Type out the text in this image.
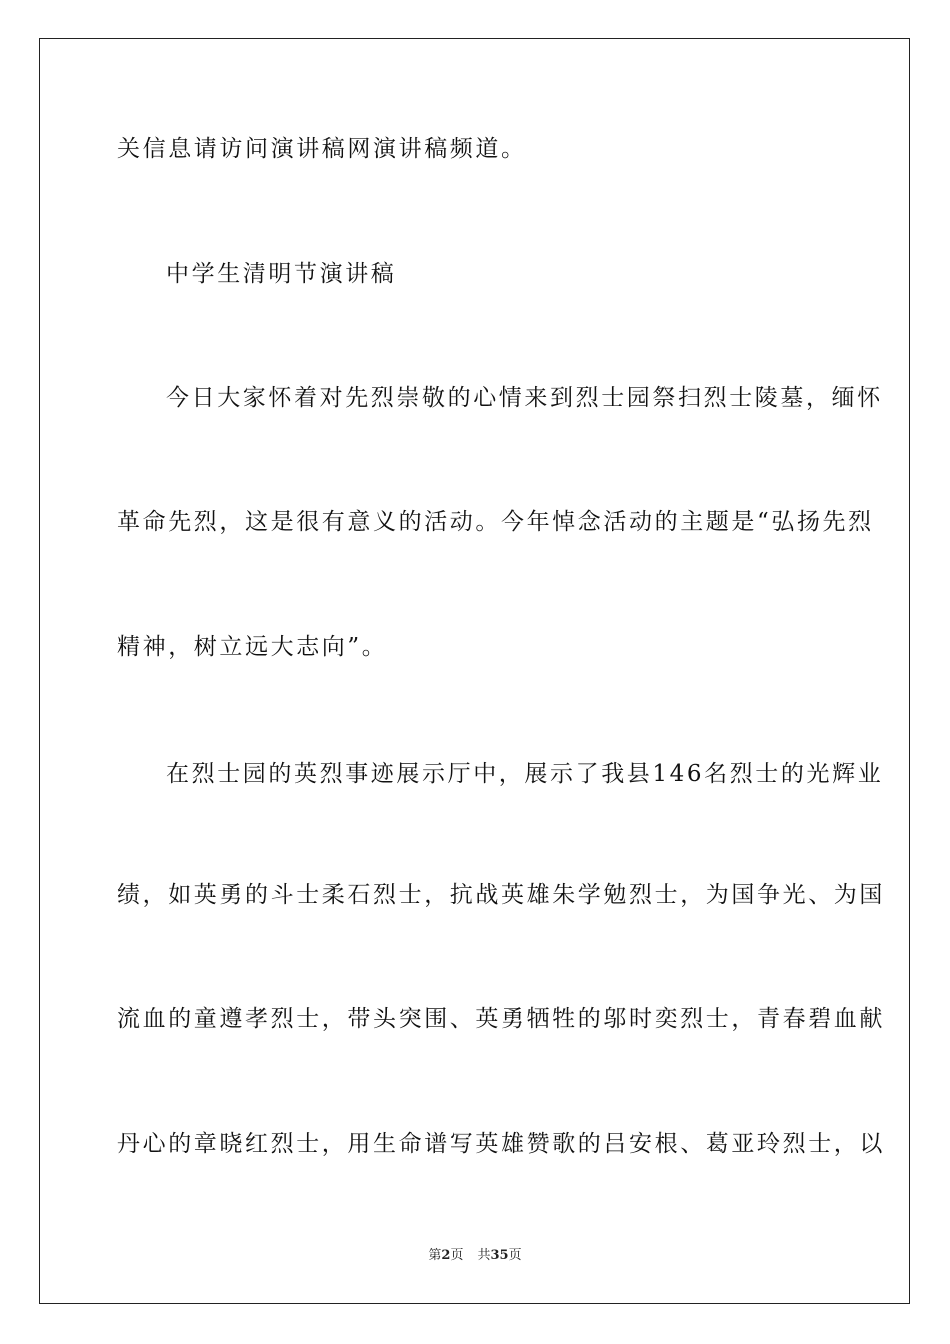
关信息请访问演讲稿网演讲稿频道。
中学生清明节演讲稿
今日大家怀着对先烈崇敬的心情来到烈士园祭扫烈士陵墓，缅怀
革命先烈，这是很有意义的活动。今年悼念活动的主题是“弘扬先烈
精神，树立远大志向”。
在烈士园的英烈事迹展示厅中，展示了我县146名烈士的光辉业
绩，如英勇的斗士柔石烈士，抗战英雄朱学勉烈士，为国争光、为国
流血的童遵孝烈士，带头突围、英勇牺牲的邬时奕烈士，青春碧血献
丹心的章晓红烈士，用生命谱写英雄赞歌的吕安根、葛亚玲烈士，以
第2页 共35页
